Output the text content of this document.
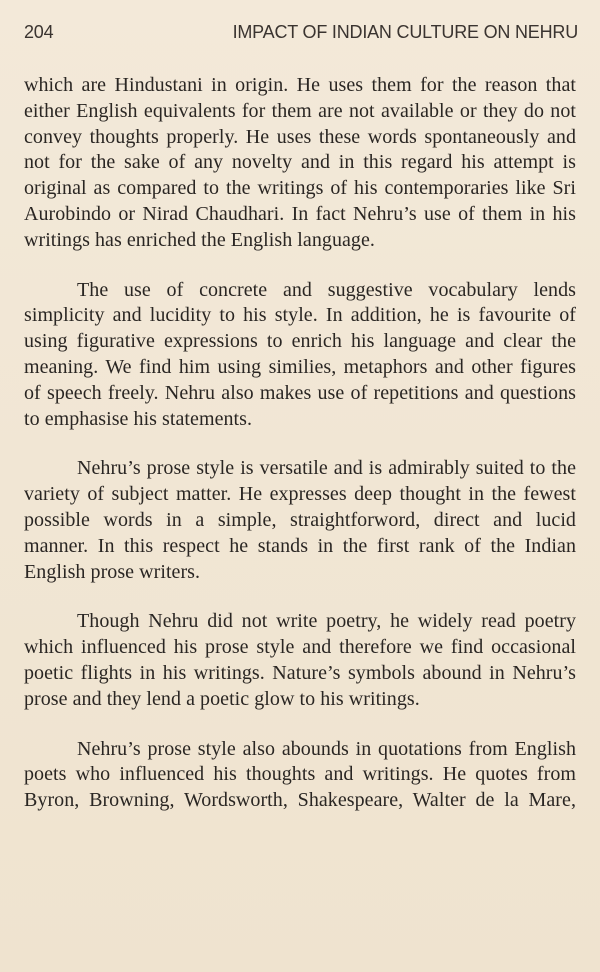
204	IMPACT OF INDIAN CULTURE ON NEHRU

which are Hindustani in origin. He uses them for the reason that either English equivalents for them are not available or they do not convey thoughts properly. He uses these words spontaneously and not for the sake of any novelty and in this regard his attempt is original as compared to the writings of his contemporaries like Sri Aurobindo or Nirad Chaudhari. In fact Nehru’s use of them in his writings has enriched the English language.

The use of concrete and suggestive vocabulary lends simplicity and lucidity to his style. In addition, he is favourite of using figurative expressions to enrich his language and clear the meaning. We find him using similies, metaphors and other figures of speech freely. Nehru also makes use of repetitions and questions to emphasise his statements.

Nehru’s prose style is versatile and is admirably suited to the variety of subject matter. He expresses deep thought in the fewest possible words in a simple, straightforword, direct and lucid manner. In this respect he stands in the first rank of the Indian English prose writers.

Though Nehru did not write poetry, he widely read poetry which influenced his prose style and therefore we find occasional poetic flights in his writings. Nature’s symbols abound in Nehru’s prose and they lend a poetic glow to his writings.

Nehru’s prose style also abounds in quotations from English poets who influenced his thoughts and writings. He quotes from Byron, Browning, Wordsworth, Shakespeare, Walter de la Mare,
